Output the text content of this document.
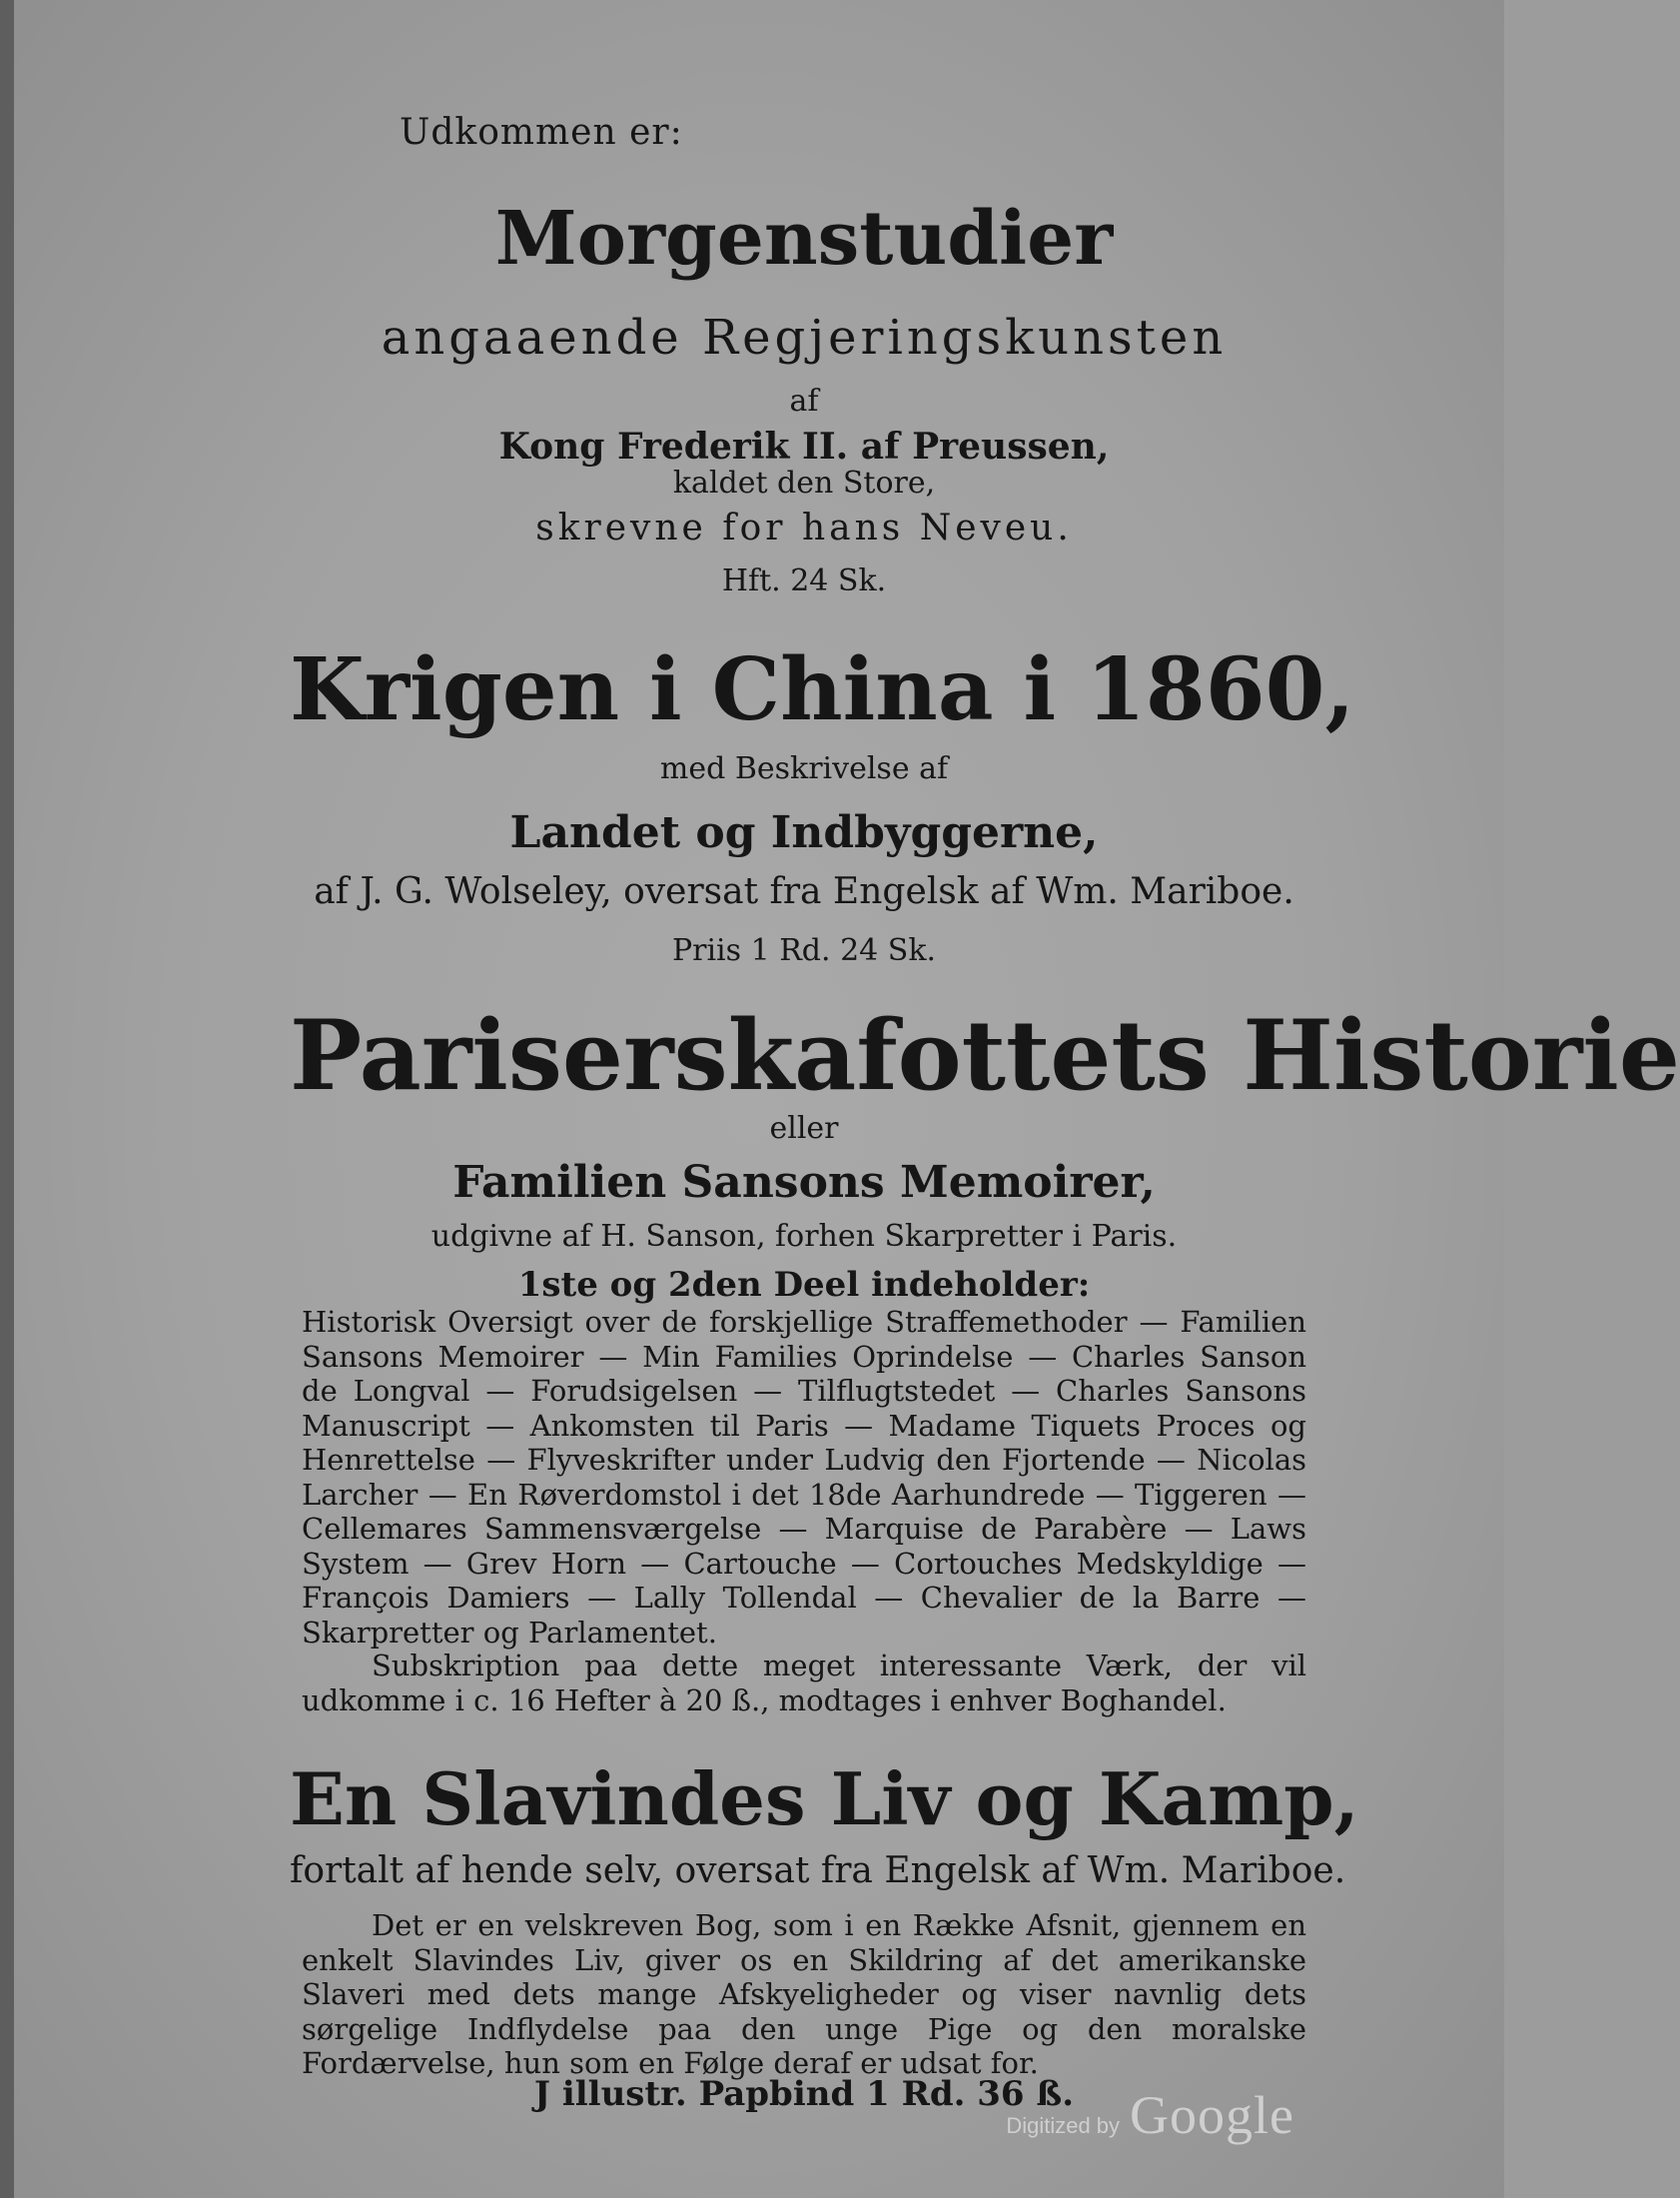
Udkommen er:
Morgenstudier
angaaende Regjeringskunsten
af
Kong Frederik II. af Preussen,
kaldet den Store,
skrevne for hans Neveu.
Hft. 24 Sk.
Krigen i China i 1860,
med Beskrivelse af
Landet og Indbyggerne,
af J. G. Wolseley, oversat fra Engelsk af Wm. Mariboe.
Priis 1 Rd. 24 Sk.
Pariserskafottets Historie
eller
Familien Sansons Memoirer,
udgivne af H. Sanson, forhen Skarpretter i Paris.
1ste og 2den Deel indeholder:
Historisk Oversigt over de forskjellige Straffemethoder — Familien Sansons Memoirer — Min Families Oprindelse — Charles Sanson de Longval — Forudsigelsen — Tilflugtstedet — Charles Sansons Manuscript — Ankomsten til Paris — Madame Tiquets Proces og Henrettelse — Flyveskrifter under Ludvig den Fjortende — Nicolas Larcher — En Røverdomstol i det 18de Aarhundrede — Tiggeren — Cellemares Sammensværgelse — Marquise de Parabère — Laws System — Grev Horn — Cartouche — Cortouches Medskyldige — François Damiers — Lally Tollendal — Chevalier de la Barre — Skarpretter og Parlamentet.
Subskription paa dette meget interessante Værk, der vil udkomme i c. 16 Hefter à 20 ß., modtages i enhver Boghandel.
En Slavindes Liv og Kamp,
fortalt af hende selv, oversat fra Engelsk af Wm. Mariboe.
Det er en velskreven Bog, som i en Række Afsnit, gjennem en enkelt Slavindes Liv, giver os en Skildring af det amerikanske Slaveri med dets mange Afskyeligheder og viser navnlig dets sørgelige Indflydelse paa den unge Pige og den moralske Fordærvelse, hun som en Følge deraf er udsat for.
J illustr. Papbind 1 Rd. 36 ß.
Digitized by Google
